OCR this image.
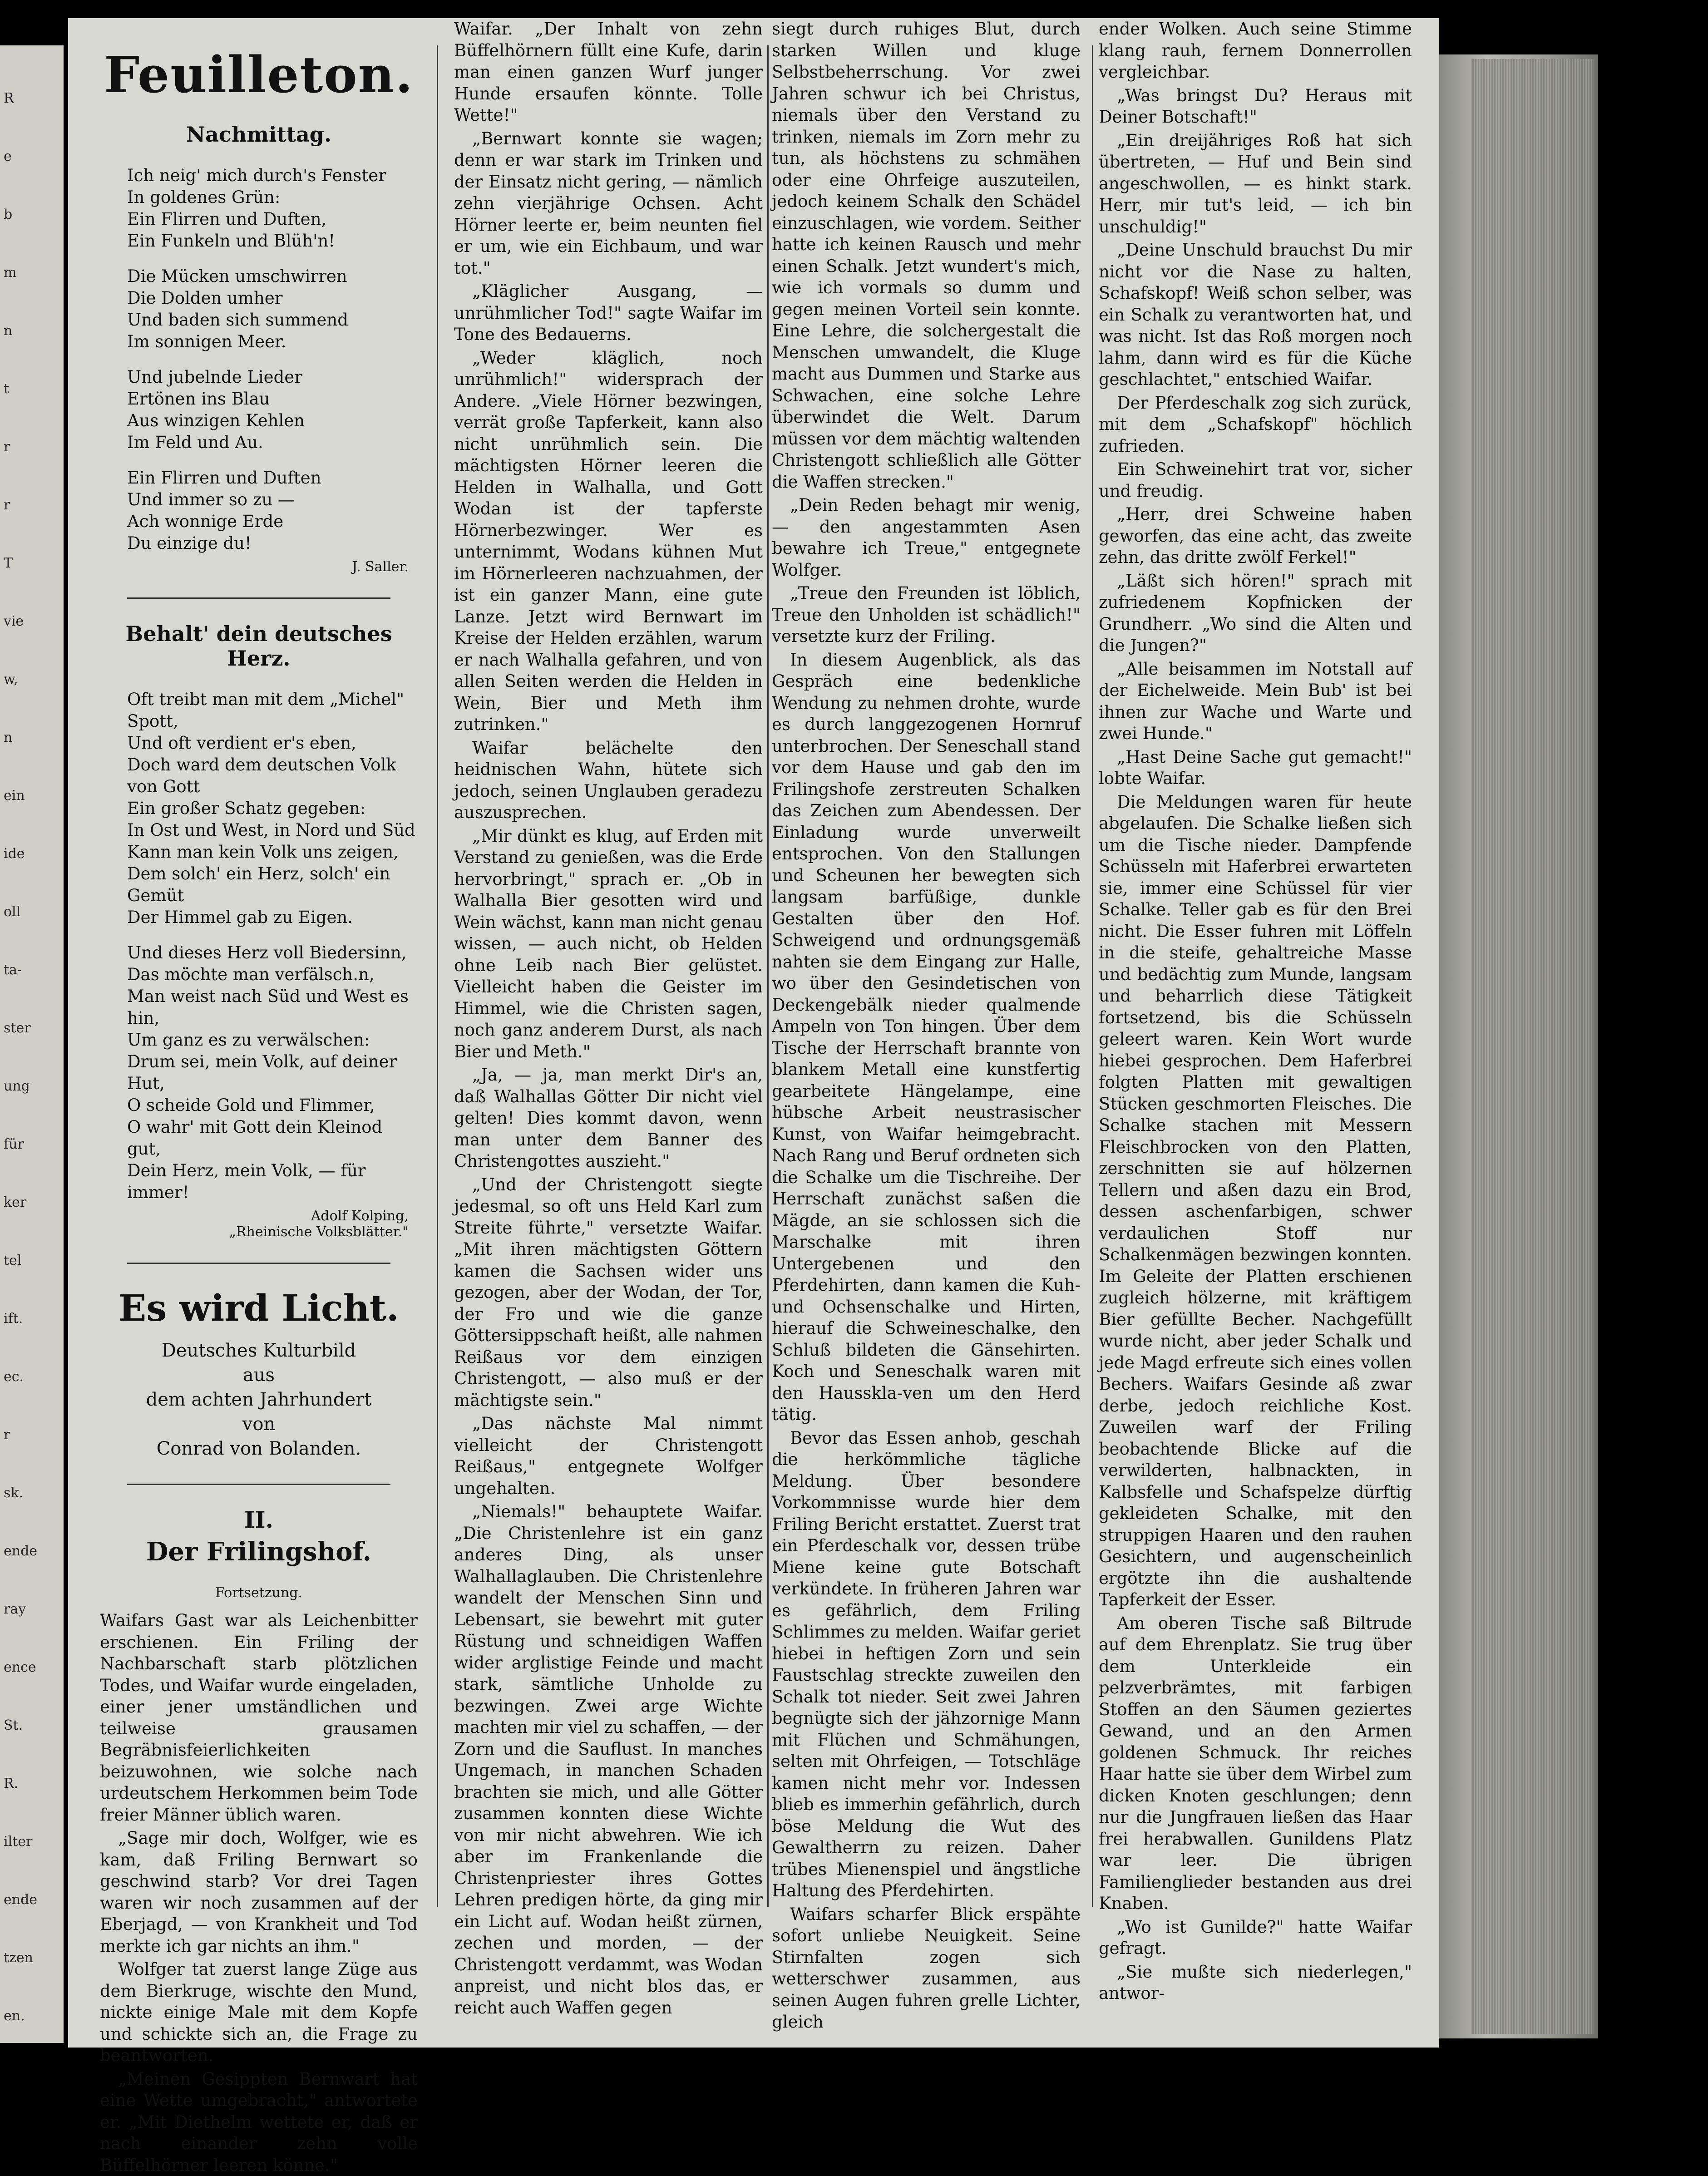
R

e

b

m

n

t

r

r

T

vie

w,

n

ein

ide

oll

ta-

ster

ung

für

ker

tel

ift.

ec.

r

sk.

ende

ray

ence

St.

R.

ilter

ende

tzen

en.

Feuilleton.
Nachmittag.
Ich neig' mich durch's Fenster
In goldenes Grün:
Ein Flirren und Duften,
Ein Funkeln und Blüh'n!
Die Mücken umschwirren
Die Dolden umher
Und baden sich summend
Im sonnigen Meer.
Und jubelnde Lieder
Ertönen ins Blau
Aus winzigen Kehlen
Im Feld und Au.
Ein Flirren und Duften
Und immer so zu —
Ach wonnige Erde
Du einzige du!
J. Saller.
Behalt' dein deutsches Herz.
Oft treibt man mit dem „Michel" Spott,
Und oft verdient er's eben,
Doch ward dem deutschen Volk von Gott
Ein großer Schatz gegeben:
In Ost und West, in Nord und Süd
Kann man kein Volk uns zeigen,
Dem solch' ein Herz, solch' ein Gemüt
Der Himmel gab zu Eigen.
Und dieses Herz voll Biedersinn,
Das möchte man verfälsch.n,
Man weist nach Süd und West es hin,
Um ganz es zu verwälschen:
Drum sei, mein Volk, auf deiner Hut,
O scheide Gold und Flimmer,
O wahr' mit Gott dein Kleinod gut,
Dein Herz, mein Volk, — für immer!
Adolf Kolping,
„Rheinische Volksblätter."
Es wird Licht.
Deutsches Kulturbild
aus
dem achten Jahrhundert
von
Conrad von Bolanden.
II.
Der Frilingshof.
Fortsetzung.

Waifars Gast war als Leichenbitter erschienen. Ein Friling der Nachbarschaft starb plötzlichen Todes, und Waifar wurde eingeladen, einer jener umständlichen und teilweise grausamen Begräbnisfeierlichkeiten beizuwohnen, wie solche nach urdeutschem Herkommen beim Tode freier Männer üblich waren.

„Sage mir doch, Wolfger, wie es kam, daß Friling Bernwart so geschwind starb? Vor drei Tagen waren wir noch zusammen auf der Eberjagd, — von Krankheit und Tod merkte ich gar nichts an ihm."

Wolfger tat zuerst lange Züge aus dem Bierkruge, wischte den Mund, nickte einige Male mit dem Kopfe und schickte sich an, die Frage zu beantworten.

„Meinen Gesippten Bernwart hat eine Wette umgebracht," antwortete er. „Mit Diethelm wettete er, daß er nach einander zehn volle Büffelhörner leeren könne."

Waifar. „Der Inhalt von zehn Büffelhörnern füllt eine Kufe, darin man einen ganzen Wurf junger Hunde ersaufen könnte. Tolle Wette!"

„Bernwart konnte sie wagen; denn er war stark im Trinken und der Einsatz nicht gering, — nämlich zehn vierjährige Ochsen. Acht Hörner leerte er, beim neunten fiel er um, wie ein Eichbaum, und war tot."

„Kläglicher Ausgang, — unrühmlicher Tod!" sagte Waifar im Tone des Bedauerns.

„Weder kläglich, noch unrühmlich!" widersprach der Andere. „Viele Hörner bezwingen, verrät große Tapferkeit, kann also nicht unrühmlich sein. Die mächtigsten Hörner leeren die Helden in Walhalla, und Gott Wodan ist der tapferste Hörnerbezwinger. Wer es unternimmt, Wodans kühnen Mut im Hörnerleeren nachzuahmen, der ist ein ganzer Mann, eine gute Lanze. Jetzt wird Bernwart im Kreise der Helden erzählen, warum er nach Walhalla gefahren, und von allen Seiten werden die Helden in Wein, Bier und Meth ihm zutrinken."

Waifar belächelte den heidnischen Wahn, hütete sich jedoch, seinen Unglauben geradezu auszusprechen.

„Mir dünkt es klug, auf Erden mit Verstand zu genießen, was die Erde hervorbringt," sprach er. „Ob in Walhalla Bier gesotten wird und Wein wächst, kann man nicht genau wissen, — auch nicht, ob Helden ohne Leib nach Bier gelüstet. Vielleicht haben die Geister im Himmel, wie die Christen sagen, noch ganz anderem Durst, als nach Bier und Meth."

„Ja, — ja, man merkt Dir's an, daß Walhallas Götter Dir nicht viel gelten! Dies kommt davon, wenn man unter dem Banner des Christengottes auszieht."

„Und der Christengott siegte jedesmal, so oft uns Held Karl zum Streite führte," versetzte Waifar. „Mit ihren mächtigsten Göttern kamen die Sachsen wider uns gezogen, aber der Wodan, der Tor, der Fro und wie die ganze Göttersippschaft heißt, alle nahmen Reißaus vor dem einzigen Christengott, — also muß er der mächtigste sein."

„Das nächste Mal nimmt vielleicht der Christengott Reißaus," entgegnete Wolfger ungehalten.

„Niemals!" behauptete Waifar. „Die Christenlehre ist ein ganz anderes Ding, als unser Walhallaglauben. Die Christenlehre wandelt der Menschen Sinn und Lebensart, sie bewehrt mit guter Rüstung und schneidigen Waffen wider arglistige Feinde und macht stark, sämtliche Unholde zu bezwingen. Zwei arge Wichte machten mir viel zu schaffen, — der Zorn und die Sauflust. In manches Ungemach, in manchen Schaden brachten sie mich, und alle Götter zusammen konnten diese Wichte von mir nicht abwehren. Wie ich aber im Frankenlande die Christenpriester ihres Gottes Lehren predigen hörte, da ging mir ein Licht auf. Wodan heißt zürnen, zechen und morden, — der Christengott verdammt, was Wodan anpreist, und nicht blos das, er reicht auch Waffen gegen

siegt durch ruhiges Blut, durch starken Willen und kluge Selbstbeherrschung. Vor zwei Jahren schwur ich bei Christus, niemals über den Verstand zu trinken, niemals im Zorn mehr zu tun, als höchstens zu schmähen oder eine Ohrfeige auszuteilen, jedoch keinem Schalk den Schädel einzuschlagen, wie vordem. Seither hatte ich keinen Rausch und mehr einen Schalk. Jetzt wundert's mich, wie ich vormals so dumm und gegen meinen Vorteil sein konnte. Eine Lehre, die solchergestalt die Menschen umwandelt, die Kluge macht aus Dummen und Starke aus Schwachen, eine solche Lehre überwindet die Welt. Darum müssen vor dem mächtig waltenden Christengott schließlich alle Götter die Waffen strecken."

„Dein Reden behagt mir wenig, — den angestammten Asen bewahre ich Treue," entgegnete Wolfger.

„Treue den Freunden ist löblich, Treue den Unholden ist schädlich!" versetzte kurz der Friling.

In diesem Augenblick, als das Gespräch eine bedenkliche Wendung zu nehmen drohte, wurde es durch langgezogenen Hornruf unterbrochen. Der Seneschall stand vor dem Hause und gab den im Frilingshofe zerstreuten Schalken das Zeichen zum Abendessen. Der Einladung wurde unverweilt entsprochen. Von den Stallungen und Scheunen her bewegten sich langsam barfüßige, dunkle Gestalten über den Hof. Schweigend und ordnungsgemäß nahten sie dem Eingang zur Halle, wo über den Gesindetischen von Deckengebälk nieder qualmende Ampeln von Ton hingen. Über dem Tische der Herrschaft brannte von blankem Metall eine kunstfertig gearbeitete Hängelampe, eine hübsche Arbeit neustrasischer Kunst, von Waifar heimgebracht. Nach Rang und Beruf ordneten sich die Schalke um die Tischreihe. Der Herrschaft zunächst saßen die Mägde, an sie schlossen sich die Marschalke mit ihren Untergebenen und den Pferdehirten, dann kamen die Kuh- und Ochsenschalke und Hirten, hierauf die Schweineschalke, den Schluß bildeten die Gänsehirten. Koch und Seneschalk waren mit den Hausskla-ven um den Herd tätig.

Bevor das Essen anhob, geschah die herkömmliche tägliche Meldung. Über besondere Vorkommnisse wurde hier dem Friling Bericht erstattet. Zuerst trat ein Pferdeschalk vor, dessen trübe Miene keine gute Botschaft verkündete. In früheren Jahren war es gefährlich, dem Friling Schlimmes zu melden. Waifar geriet hiebei in heftigen Zorn und sein Faustschlag streckte zuweilen den Schalk tot nieder. Seit zwei Jahren begnügte sich der jähzornige Mann mit Flüchen und Schmähungen, selten mit Ohrfeigen, — Totschläge kamen nicht mehr vor. Indessen blieb es immerhin gefährlich, durch böse Meldung die Wut des Gewaltherrn zu reizen. Daher trübes Mienenspiel und ängstliche Haltung des Pferdehirten.

Waifars scharfer Blick erspähte sofort unliebe Neuigkeit. Seine Stirnfalten zogen sich wetterschwer zusammen, aus seinen Augen fuhren grelle Lichter, gleich

ender Wolken. Auch seine Stimme klang rauh, fernem Donnerrollen vergleichbar.

„Was bringst Du? Heraus mit Deiner Botschaft!"

„Ein dreijähriges Roß hat sich übertreten, — Huf und Bein sind angeschwollen, — es hinkt stark. Herr, mir tut's leid, — ich bin unschuldig!"

„Deine Unschuld brauchst Du mir nicht vor die Nase zu halten, Schafskopf! Weiß schon selber, was ein Schalk zu verantworten hat, und was nicht. Ist das Roß morgen noch lahm, dann wird es für die Küche geschlachtet," entschied Waifar.

Der Pferdeschalk zog sich zurück, mit dem „Schafskopf" höchlich zufrieden.

Ein Schweinehirt trat vor, sicher und freudig.

„Herr, drei Schweine haben geworfen, das eine acht, das zweite zehn, das dritte zwölf Ferkel!"

„Läßt sich hören!" sprach mit zufriedenem Kopfnicken der Grundherr. „Wo sind die Alten und die Jungen?"

„Alle beisammen im Notstall auf der Eichelweide. Mein Bub' ist bei ihnen zur Wache und Warte und zwei Hunde."

„Hast Deine Sache gut gemacht!" lobte Waifar.

Die Meldungen waren für heute abgelaufen. Die Schalke ließen sich um die Tische nieder. Dampfende Schüsseln mit Haferbrei erwarteten sie, immer eine Schüssel für vier Schalke. Teller gab es für den Brei nicht. Die Esser fuhren mit Löffeln in die steife, gehaltreiche Masse und bedächtig zum Munde, langsam und beharrlich diese Tätigkeit fortsetzend, bis die Schüsseln geleert waren. Kein Wort wurde hiebei gesprochen. Dem Haferbrei folgten Platten mit gewaltigen Stücken geschmorten Fleisches. Die Schalke stachen mit Messern Fleischbrocken von den Platten, zerschnitten sie auf hölzernen Tellern und aßen dazu ein Brod, dessen aschenfarbigen, schwer verdaulichen Stoff nur Schalkenmägen bezwingen konnten. Im Geleite der Platten erschienen zugleich hölzerne, mit kräftigem Bier gefüllte Becher. Nachgefüllt wurde nicht, aber jeder Schalk und jede Magd erfreute sich eines vollen Bechers. Waifars Gesinde aß zwar derbe, jedoch reichliche Kost. Zuweilen warf der Friling beobachtende Blicke auf die verwilderten, halbnackten, in Kalbsfelle und Schafspelze dürftig gekleideten Schalke, mit den struppigen Haaren und den rauhen Gesichtern, und augenscheinlich ergötzte ihn die aushaltende Tapferkeit der Esser.

Am oberen Tische saß Biltrude auf dem Ehrenplatz. Sie trug über dem Unterkleide ein pelzverbrämtes, mit farbigen Stoffen an den Säumen geziertes Gewand, und an den Armen goldenen Schmuck. Ihr reiches Haar hatte sie über dem Wirbel zum dicken Knoten geschlungen; denn nur die Jungfrauen ließen das Haar frei herabwallen. Gunildens Platz war leer. Die übrigen Familienglieder bestanden aus drei Knaben.

„Wo ist Gunilde?" hatte Waifar gefragt.

„Sie mußte sich niederlegen," antwor-
